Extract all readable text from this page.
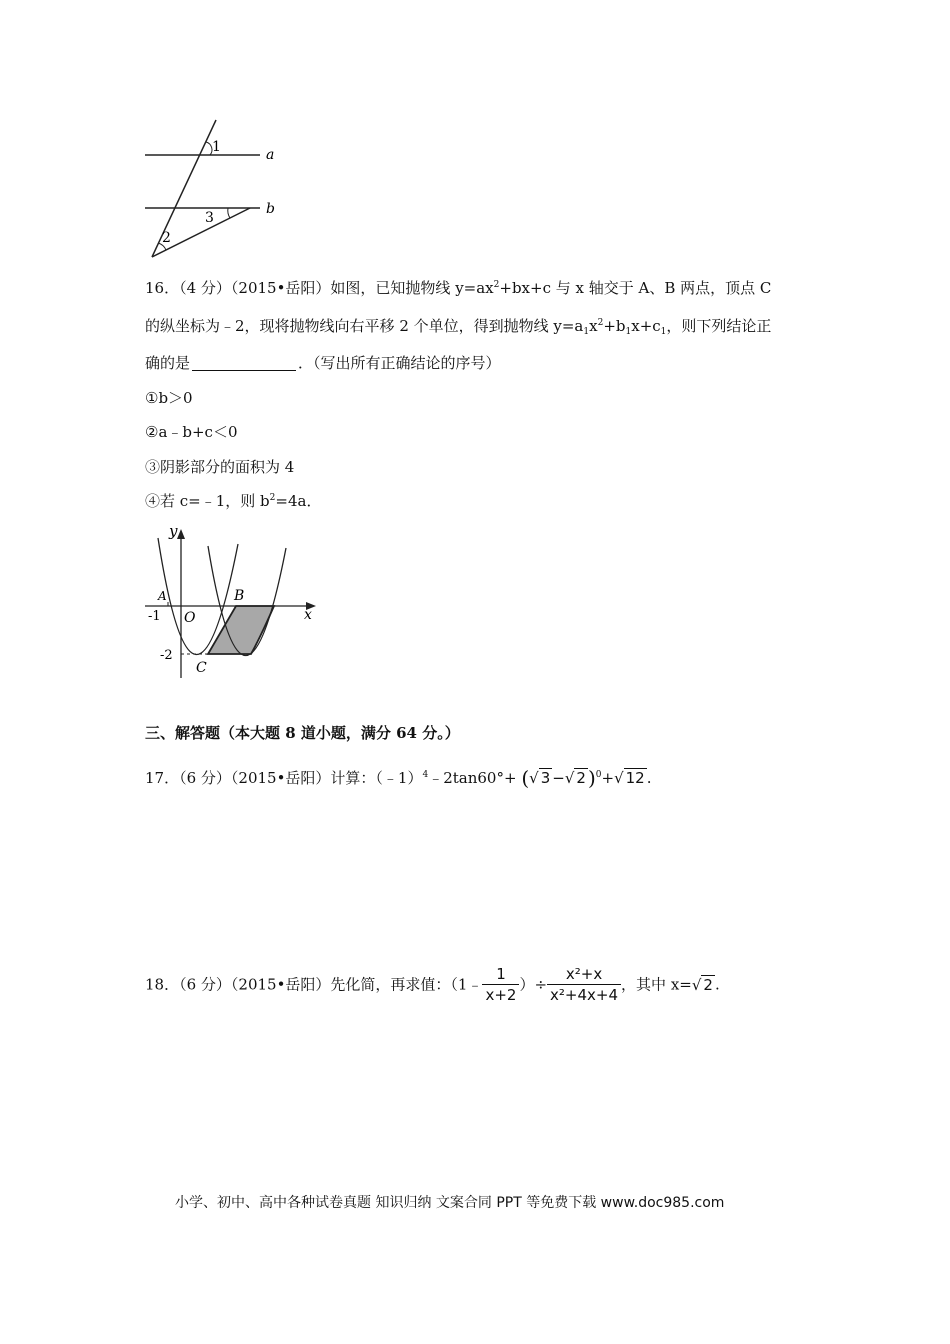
1
2
3
a
b
16．（4 分）（2015•岳阳）如图，已知抛物线 $y=ax^2+bx+c$ 与 x 轴交于 A、B 两点，顶点 C
的纵坐标为﹣2，现将抛物线向右平移 2 个单位，得到抛物线 $y=a_1x^2+b_1x+c_1$，则下列结论正
确的是	．（写出所有正确结论的序号）
①b＞0
②a﹣b+c＜0
③阴影部分的面积为 4
④若 c=﹣1，则 $b^2=4a$．
y
x
O
A	B
C
-1
-2
三、解答题（本大题 8 道小题，满分 64 分。）
17．（6 分）（2015•岳阳）计算：（﹣1）$^4$﹣2tan60°+ (√ 3 −√ 2 )$^0$+√ 12 .
18．（6 分）（2015•岳阳）先化简，再求值：（1﹣ $\frac{1}{x+2}$ ）÷ $\frac{\text{x²+x}}{\text{x²+4x+4}}$ ，其中 x=√ 2 .
小学、初中、高中各种试卷真题 知识归纳 文案合同 PPT 等免费下载 www.doc985.com
